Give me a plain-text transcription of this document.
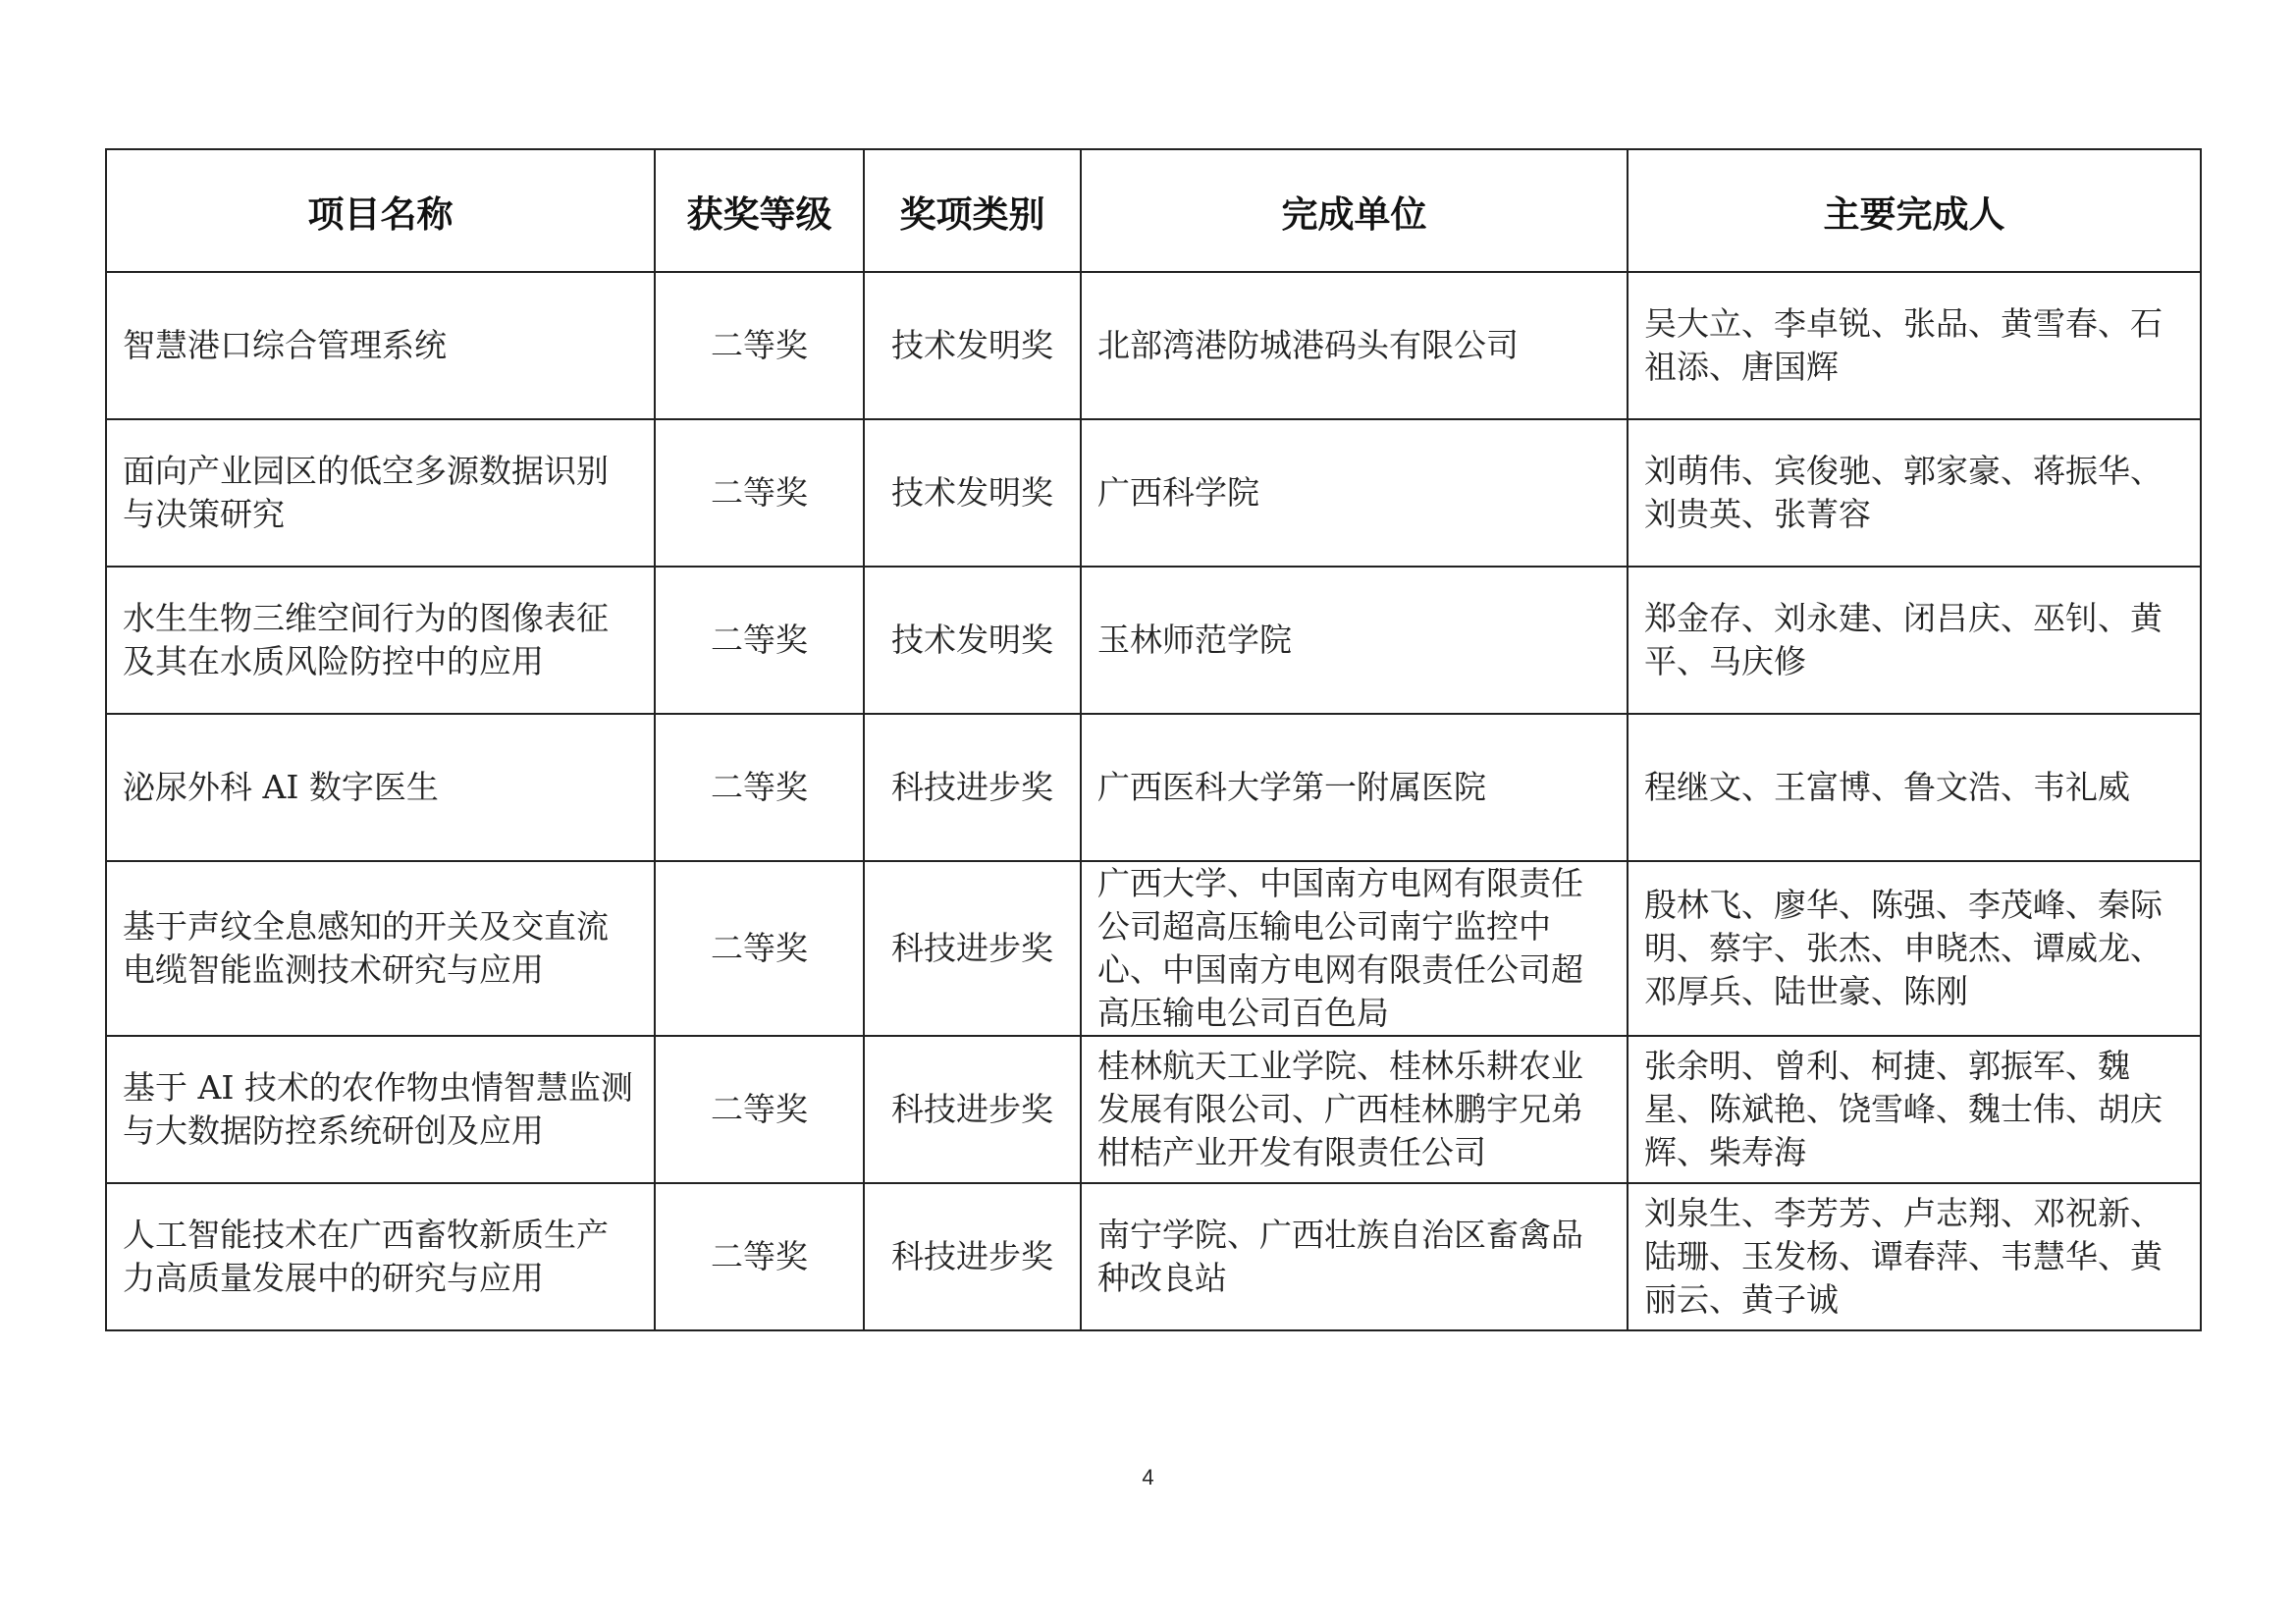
项目名称	获奖等级	奖项类别	完成单位	主要完成人
智慧港口综合管理系统	二等奖	技术发明奖	北部湾港防城港码头有限公司	吴大立、李卓锐、张品、黄雪春、石祖添、唐国辉
面向产业园区的低空多源数据识别与决策研究	二等奖	技术发明奖	广西科学院	刘萌伟、宾俊驰、郭家豪、蒋振华、刘贵英、张菁容
水生生物三维空间行为的图像表征及其在水质风险防控中的应用	二等奖	技术发明奖	玉林师范学院	郑金存、刘永建、闭吕庆、巫钊、黄平、马庆修
泌尿外科 AI 数字医生	二等奖	科技进步奖	广西医科大学第一附属医院	程继文、王富博、鲁文浩、韦礼威
基于声纹全息感知的开关及交直流电缆智能监测技术研究与应用	二等奖	科技进步奖	广西大学、中国南方电网有限责任公司超高压输电公司南宁监控中心、中国南方电网有限责任公司超高压输电公司百色局	殷林飞、廖华、陈强、李茂峰、秦际明、蔡宇、张杰、申晓杰、谭威龙、邓厚兵、陆世豪、陈刚
基于 AI 技术的农作物虫情智慧监测与大数据防控系统研创及应用	二等奖	科技进步奖	桂林航天工业学院、桂林乐耕农业发展有限公司、广西桂林鹏宇兄弟柑桔产业开发有限责任公司	张余明、曾利、柯捷、郭振军、魏星、陈斌艳、饶雪峰、魏士伟、胡庆辉、柴寿海
人工智能技术在广西畜牧新质生产力高质量发展中的研究与应用	二等奖	科技进步奖	南宁学院、广西壮族自治区畜禽品种改良站	刘泉生、李芳芳、卢志翔、邓祝新、陆珊、玉发杨、谭春萍、韦慧华、黄丽云、黄子诚
4
